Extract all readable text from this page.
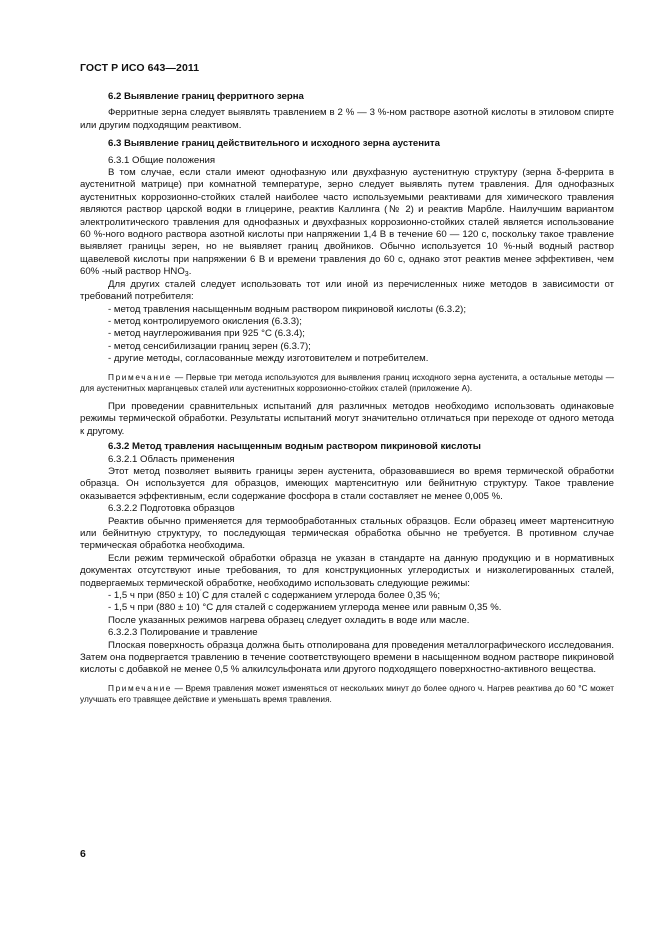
ГОСТ Р ИСО 643—2011

6.2 Выявление границ ферритного зерна

Ферритные зерна следует выявлять травлением в 2 % — 3 %-ном растворе азотной кислоты в этиловом спирте или другим подходящим реактивом.

6.3 Выявление границ действительного и исходного зерна аустенита

6.3.1 Общие положения

В том случае, если стали имеют однофазную или двухфазную аустенитную структуру (зерна δ-феррита в аустенитной матрице) при комнатной температуре, зерно следует выявлять путем травления. Для однофазных аустенитных коррозионно-стойких сталей наиболее часто используемыми реактивами для химического травления являются раствор царской водки в глицерине, реактив Каллинга (№ 2) и реактив Марбле. Наилучшим вариантом электролитического травления для однофазных и двухфазных коррозионно-стойких сталей является использование 60 %-ного водного раствора азотной кислоты при напряжении 1,4 В в течение 60 — 120 с, поскольку такое травление выявляет границы зерен, но не выявляет границ двойников. Обычно используется 10 %-ный водный раствор щавелевой кислоты при напряжении 6 В и времени травления до 60 с, однако этот реактив менее эффективен, чем 60% -ный раствор $HNO_3$.

Для других сталей следует использовать тот или иной из перечисленных ниже методов в зависимости от требований потребителя:

- метод травления насыщенным водным раствором пикриновой кислоты (6.3.2);

- метод контролируемого окисления (6.3.3);

- метод науглероживания при 925 °С (6.3.4);

- метод сенсибилизации границ зерен (6.3.7);

- другие методы, согласованные между изготовителем и потребителем.

Примечание — Первые три метода используются для выявления границ исходного зерна аустенита, а остальные методы — для аустенитных марганцевых сталей или аустенитных коррозионно-стойких сталей (приложение А).

При проведении сравнительных испытаний для различных методов необходимо использовать одинаковые режимы термической обработки. Результаты испытаний могут значительно отличаться при переходе от одного метода к другому.

6.3.2 Метод травления насыщенным водным раствором пикриновой кислоты

6.3.2.1 Область применения

Этот метод позволяет выявить границы зерен аустенита, образовавшиеся во время термической обработки образца. Он используется для образцов, имеющих мартенситную или бейнитную структуру. Такое травление оказывается эффективным, если содержание фосфора в стали составляет не менее 0,005 %.

6.3.2.2 Подготовка образцов

Реактив обычно применяется для термообработанных стальных образцов. Если образец имеет мартенситную или бейнитную структуру, то последующая термическая обработка обычно не требуется. В противном случае термическая обработка необходима.

Если режим термической обработки образца не указан в стандарте на данную продукцию и в нормативных документах отсутствуют иные требования, то для конструкционных углеродистых и низколегированных сталей, подвергаемых термической обработке, необходимо использовать следующие режимы:

- 1,5 ч при (850 ± 10)´С для сталей с содержанием углерода более 0,35 %;

- 1,5 ч при (880 ± 10) °С для сталей с содержанием углерода менее или равным 0,35 %.

После указанных режимов нагрева образец следует охладить в воде или масле.

6.3.2.3 Полирование и травление

Плоская поверхность образца должна быть отполирована для проведения металлографического исследования. Затем она подвергается травлению в течение соответствующего времени в насыщенном водном растворе пикриновой кислоты с добавкой не менее 0,5 % алкилсульфоната или другого подходящего поверхностно-активного вещества.

Примечание — Время травления может изменяться от нескольких минут до более одного ч. Нагрев реактива до 60 °С может улучшать его травящее действие и уменьшать время травления.

6
